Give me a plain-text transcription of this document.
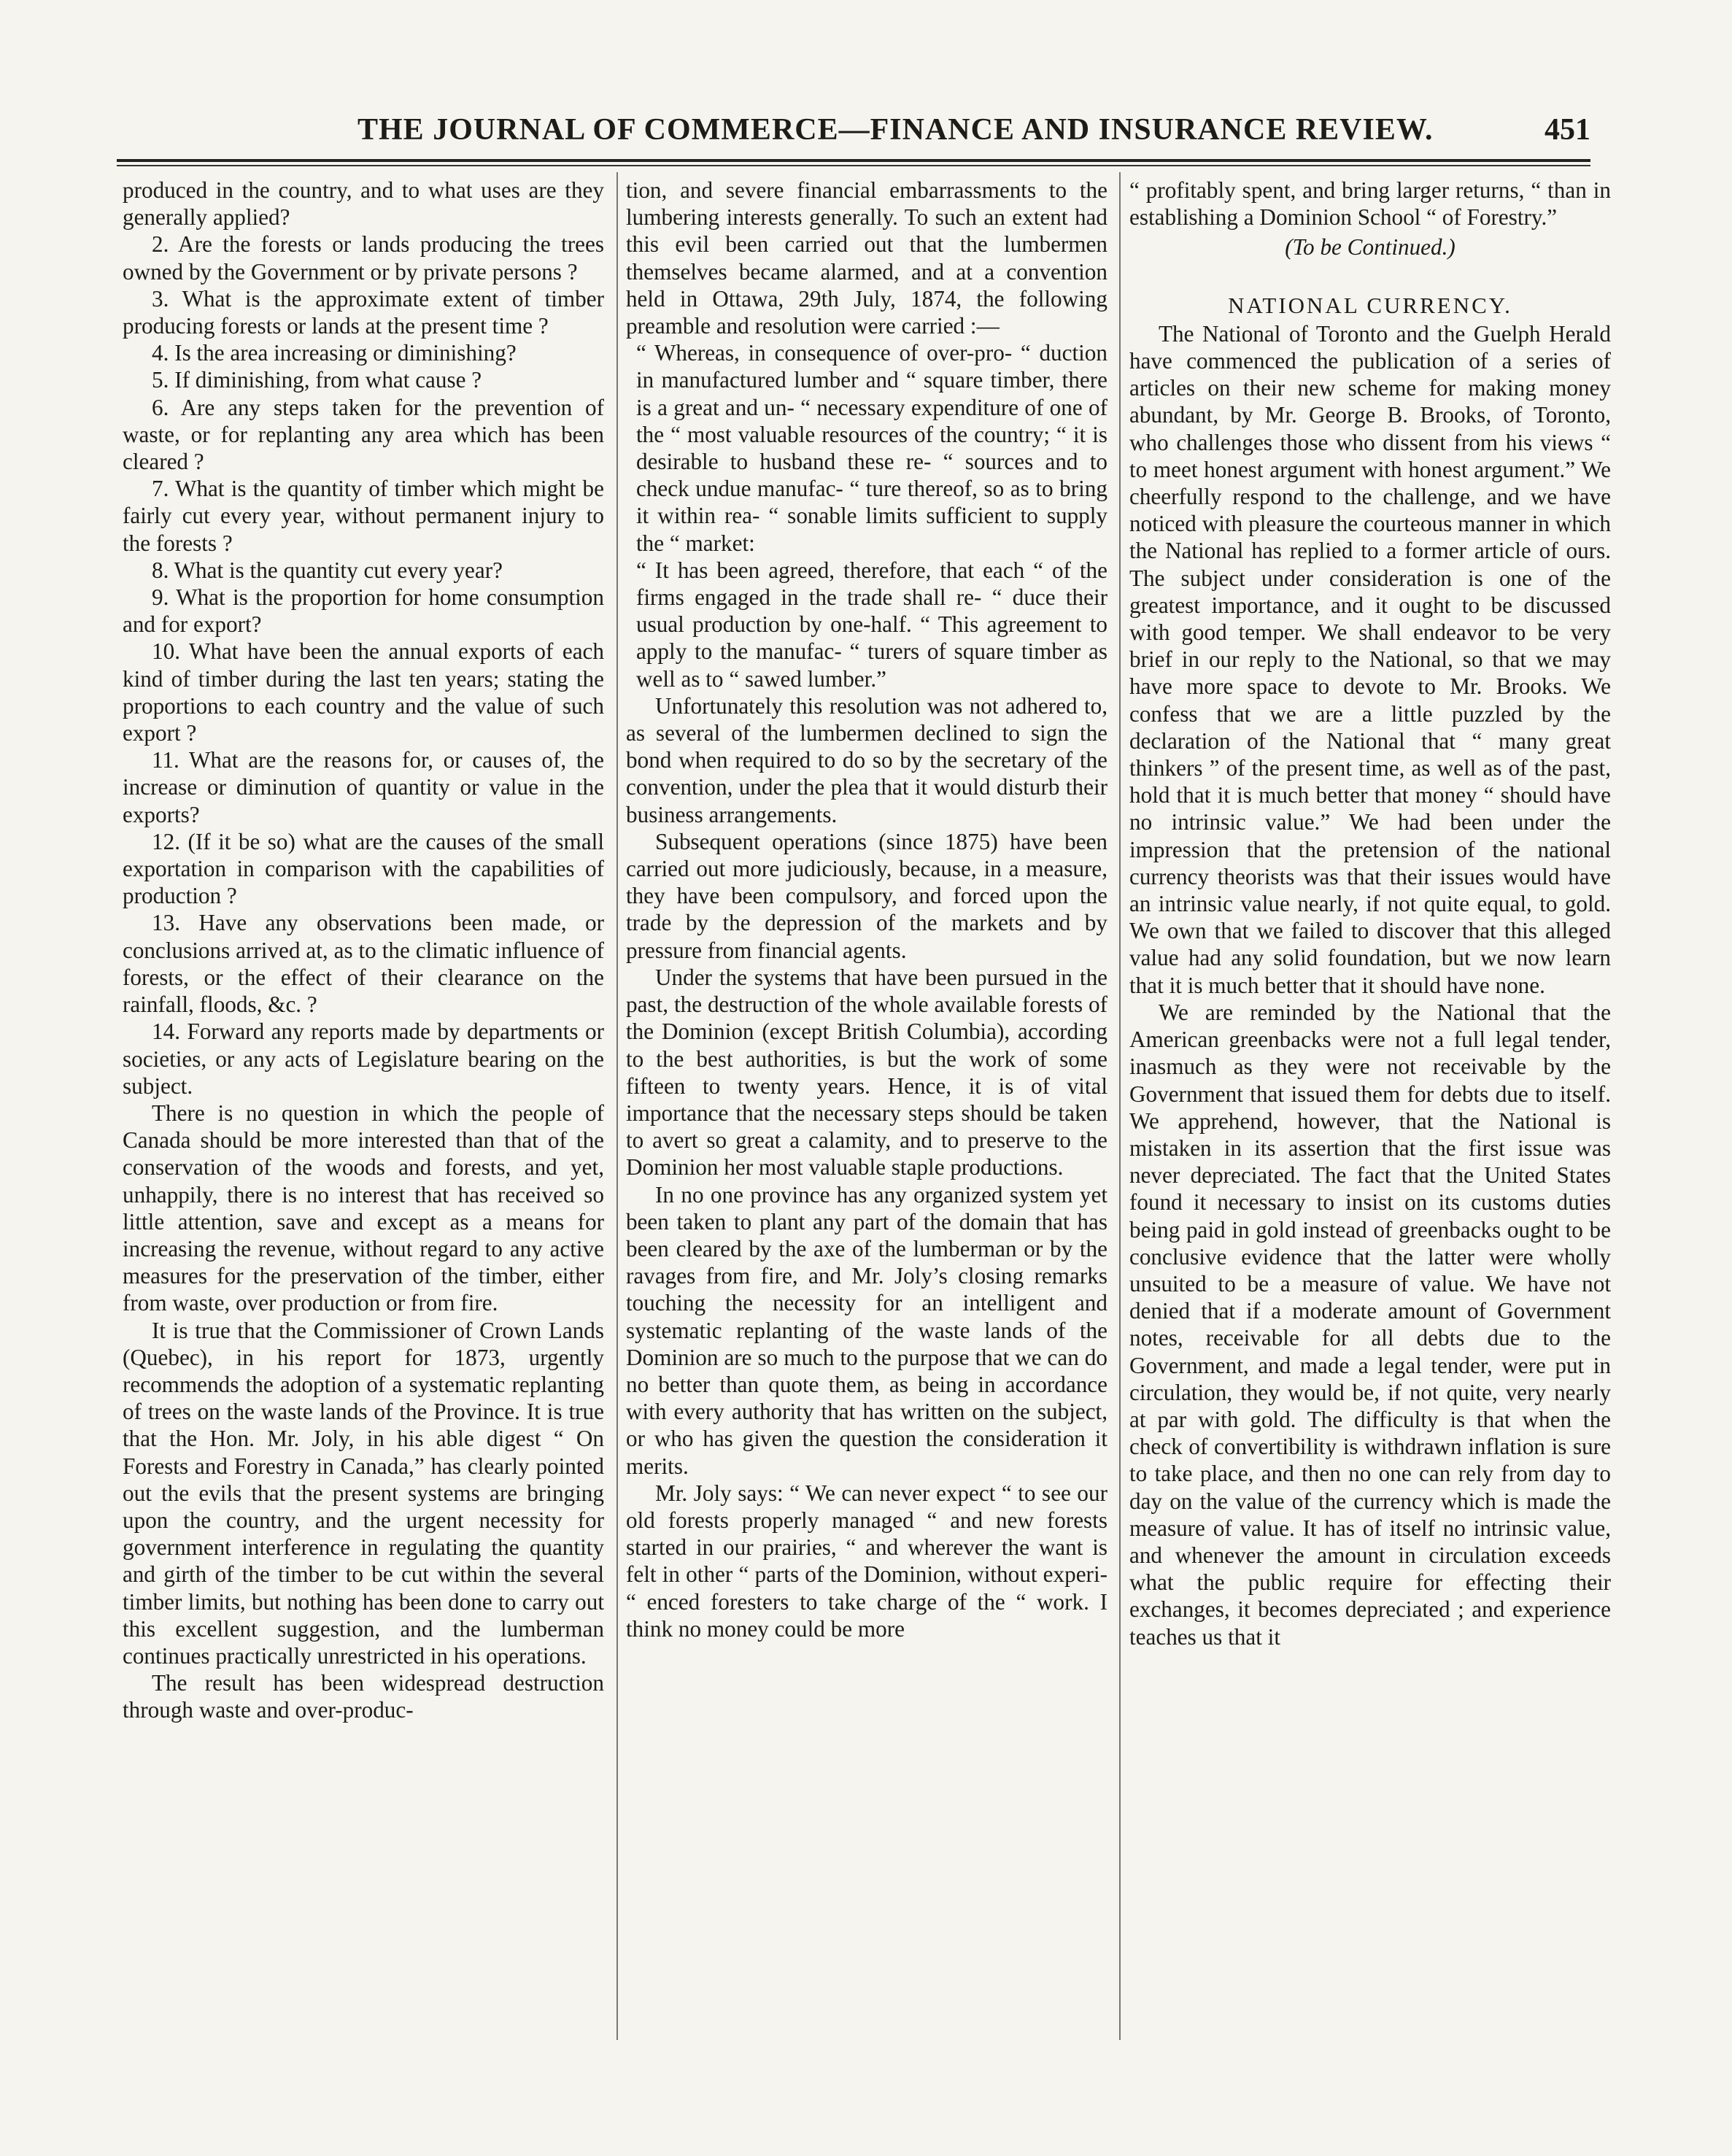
THE JOURNAL OF COMMERCE—FINANCE AND INSURANCE REVIEW.	451

produced in the country, and to what uses are they generally applied?

2. Are the forests or lands producing the trees owned by the Government or by private persons ?

3. What is the approximate extent of timber producing forests or lands at the present time ?

4. Is the area increasing or diminishing?

5. If diminishing, from what cause ?

6. Are any steps taken for the prevention of waste, or for replanting any area which has been cleared ?

7. What is the quantity of timber which might be fairly cut every year, without permanent injury to the forests ?

8. What is the quantity cut every year?

9. What is the proportion for home consumption and for export?

10. What have been the annual exports of each kind of timber during the last ten years; stating the proportions to each country and the value of such export ?

11. What are the reasons for, or causes of, the increase or diminution of quantity or value in the exports?

12. (If it be so) what are the causes of the small exportation in comparison with the capabilities of production ?

13. Have any observations been made, or conclusions arrived at, as to the climatic influence of forests, or the effect of their clearance on the rainfall, floods, &c. ?

14. Forward any reports made by departments or societies, or any acts of Legislature bearing on the subject.

There is no question in which the people of Canada should be more interested than that of the conservation of the woods and forests, and yet, unhappily, there is no interest that has received so little attention, save and except as a means for increasing the revenue, without regard to any active measures for the preservation of the timber, either from waste, over production or from fire.

It is true that the Commissioner of Crown Lands (Quebec), in his report for 1873, urgently recommends the adoption of a systematic replanting of trees on the waste lands of the Province. It is true that the Hon. Mr. Joly, in his able digest “ On Forests and Forestry in Canada,” has clearly pointed out the evils that the present systems are bringing upon the country, and the urgent necessity for government interference in regulating the quantity and girth of the timber to be cut within the several timber limits, but nothing has been done to carry out this excellent suggestion, and the lumberman continues practically unrestricted in his operations.

The result has been widespread destruction through waste and over-produc-

tion, and severe financial embarrassments to the lumbering interests generally. To such an extent had this evil been carried out that the lumbermen themselves became alarmed, and at a convention held in Ottawa, 29th July, 1874, the following preamble and resolution were carried :—

“ Whereas, in consequence of over-pro- “ duction in manufactured lumber and “ square timber, there is a great and un- “ necessary expenditure of one of the “ most valuable resources of the country; “ it is desirable to husband these re- “ sources and to check undue manufac- “ ture thereof, so as to bring it within rea- “ sonable limits sufficient to supply the “ market:

“ It has been agreed, therefore, that each “ of the firms engaged in the trade shall re- “ duce their usual production by one-half. “ This agreement to apply to the manufac- “ turers of square timber as well as to “ sawed lumber.”

Unfortunately this resolution was not adhered to, as several of the lumbermen declined to sign the bond when required to do so by the secretary of the convention, under the plea that it would disturb their business arrangements.

Subsequent operations (since 1875) have been carried out more judiciously, because, in a measure, they have been compulsory, and forced upon the trade by the depression of the markets and by pressure from financial agents.

Under the systems that have been pursued in the past, the destruction of the whole available forests of the Dominion (except British Columbia), according to the best authorities, is but the work of some fifteen to twenty years. Hence, it is of vital importance that the necessary steps should be taken to avert so great a calamity, and to preserve to the Dominion her most valuable staple productions.

In no one province has any organized system yet been taken to plant any part of the domain that has been cleared by the axe of the lumberman or by the ravages from fire, and Mr. Joly’s closing remarks touching the necessity for an intelligent and systematic replanting of the waste lands of the Dominion are so much to the purpose that we can do no better than quote them, as being in accordance with every authority that has written on the subject, or who has given the question the consideration it merits.

Mr. Joly says: “ We can never expect “ to see our old forests properly managed “ and new forests started in our prairies, “ and wherever the want is felt in other “ parts of the Dominion, without experi- “ enced foresters to take charge of the “ work. I think no money could be more

“ profitably spent, and bring larger returns, “ than in establishing a Dominion School “ of Forestry.”

(To be Continued.)

NATIONAL CURRENCY.

The National of Toronto and the Guelph Herald have commenced the publication of a series of articles on their new scheme for making money abundant, by Mr. George B. Brooks, of Toronto, who challenges those who dissent from his views “ to meet honest argument with honest argument.” We cheerfully respond to the challenge, and we have noticed with pleasure the courteous manner in which the National has replied to a former article of ours. The subject under consideration is one of the greatest importance, and it ought to be discussed with good temper. We shall endeavor to be very brief in our reply to the National, so that we may have more space to devote to Mr. Brooks. We confess that we are a little puzzled by the declaration of the National that “ many great thinkers ” of the present time, as well as of the past, hold that it is much better that money “ should have no intrinsic value.” We had been under the impression that the pretension of the national currency theorists was that their issues would have an intrinsic value nearly, if not quite equal, to gold. We own that we failed to discover that this alleged value had any solid foundation, but we now learn that it is much better that it should have none.

We are reminded by the National that the American greenbacks were not a full legal tender, inasmuch as they were not receivable by the Government that issued them for debts due to itself. We apprehend, however, that the National is mistaken in its assertion that the first issue was never depreciated. The fact that the United States found it necessary to insist on its customs duties being paid in gold instead of greenbacks ought to be conclusive evidence that the latter were wholly unsuited to be a measure of value. We have not denied that if a moderate amount of Government notes, receivable for all debts due to the Government, and made a legal tender, were put in circulation, they would be, if not quite, very nearly at par with gold. The difficulty is that when the check of convertibility is withdrawn inflation is sure to take place, and then no one can rely from day to day on the value of the currency which is made the measure of value. It has of itself no intrinsic value, and whenever the amount in circulation exceeds what the public require for effecting their exchanges, it becomes depreciated ; and experience teaches us that it
